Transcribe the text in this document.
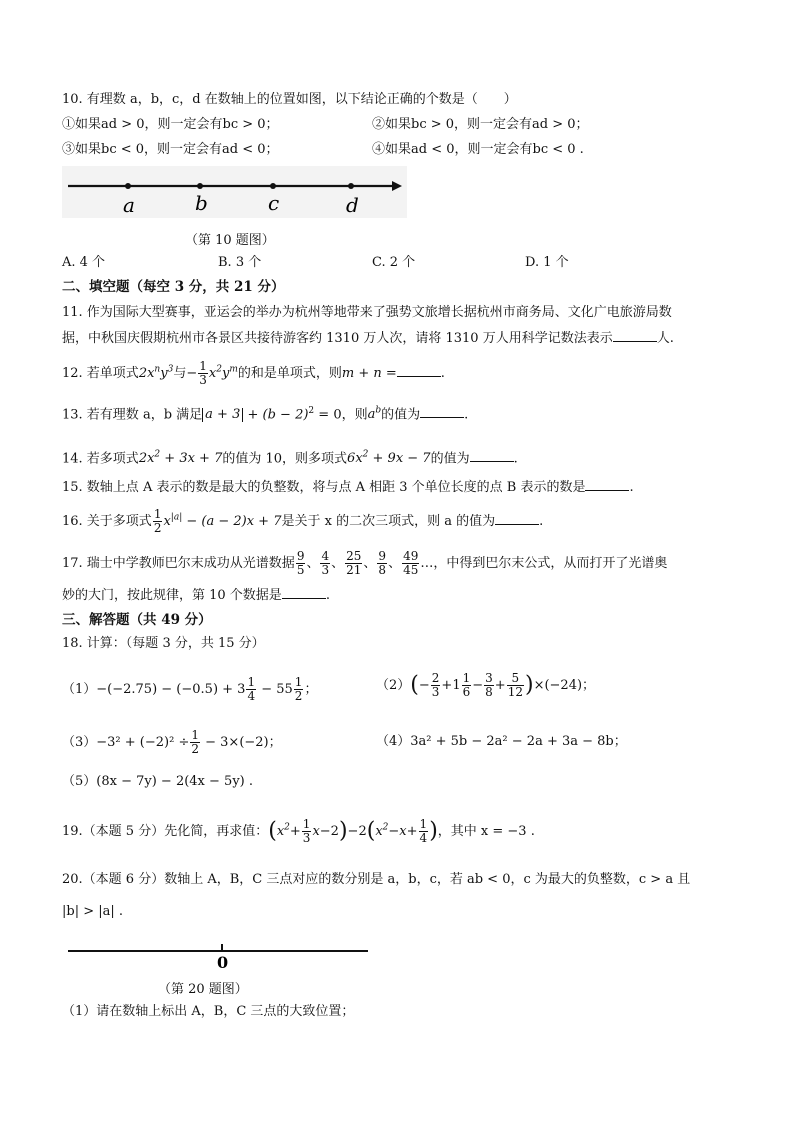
10. 有理数 a，b，c，d 在数轴上的位置如图，以下结论正确的个数是（　　）
①如果ad > 0，则一定会有bc > 0；	②如果bc > 0，则一定会有ad > 0；
③如果bc < 0，则一定会有ad < 0；	④如果ad < 0，则一定会有bc < 0 .
a	b	c	d
（第 10 题图）
A. 4 个	B. 3 个	C. 2 个	D. 1 个
二、填空题（每空 3 分，共 21 分）
11. 作为国际大型赛事，亚运会的举办为杭州等地带来了强势文旅增长据杭州市商务局、文化广电旅游局数
据，中秋国庆假期杭州市各景区共接待游客约 1310 万人次，请将 1310 万人用科学记数法表示	人.
12. 若单项式$2x^ny^3$与− $\frac{1}{3} x^2y^m$的和是单项式，则m + n =	.
13. 若有理数 a，b 满足 $a + 3 + (b - 2)^2 = 0$，则$a^b$的值为	.
14. 若多项式$2x^2 + 3x + 7$的值为 10，则多项式$6x^2 + 9x - 7$的值为	.
15. 数轴上点 A 表示的数是最大的负整数，将与点 A 相距 3 个单位长度的点 B 表示的数是	.
16. 关于多项式 $\frac{1}{2} x^{|a|} - (a - 2)x + 7$是关于 x 的二次三项式，则 a 的值为	.
17. 瑞士中学教师巴尔末成功从光谱数据 $\frac{9}{5}$ 、 $\frac{4}{3}$ 、 $\frac{25}{21}$ 、 $\frac{9}{8}$ 、 $\frac{49}{45}$ …，中得到巴尔末公式，从而打开了光谱奥
妙的大门，按此规律，第 10 个数据是	.
三、解答题（共 49 分）
18. 计算：（每题 3 分，共 15 分）
$(1)-(-2.75) - (-0.5) + 3 \frac{1}{4} - 55 \frac{1}{2}$ ；	$(2)(- \frac{2}{3} +1 \frac{1}{6} - \frac{3}{8} + \frac{5}{12} )\times(-24)$；
$(3)-3^2 + (-2)^2 \div \frac{1}{2} - 3\times(-2)$；	（4）3a² + 5b − 2a² − 2a + 3a − 8b；
（5）(8x − 7y) − 2(4x − 5y) .
19.（本题 5 分）先化简，再求值：$(x^2+ \frac{1}{3} x-2)-2(x^2-x+ \frac{1}{4}$ )，其中 x = −3 .
20.（本题 6 分）数轴上 A，B，C 三点对应的数分别是 a，b，c，若 ab < 0，c 为最大的负整数，c > a 且
|b| > |a| .
0
（第 20 题图）
（1）请在数轴上标出 A，B，C 三点的大致位置；
